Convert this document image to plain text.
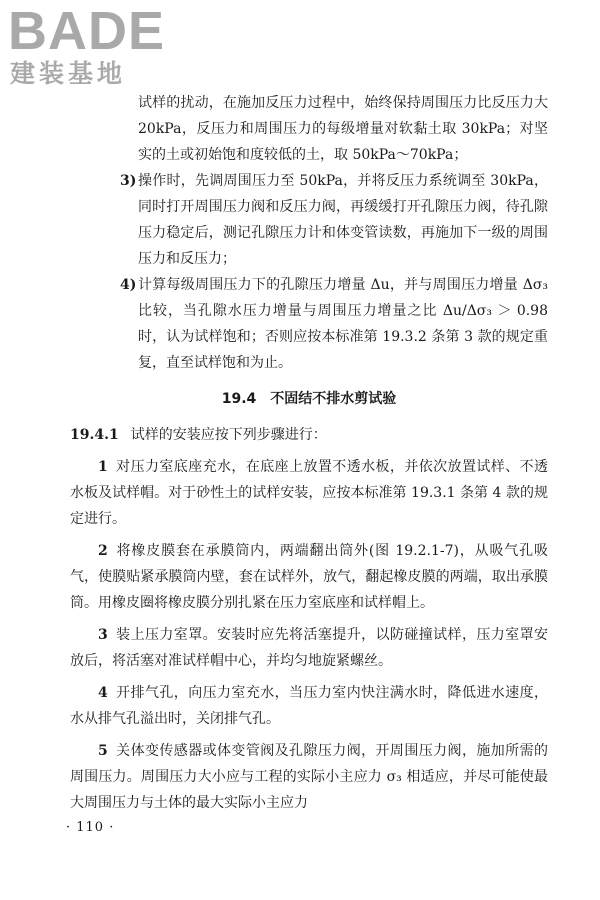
BADE
建装基地

试样的扰动，在施加反压力过程中，始终保持周围压力比反压力大 20kPa，反压力和周围压力的每级增量对软黏土取 30kPa；对坚实的土或初始饱和度较低的土，取 50kPa～70kPa；

3) 操作时，先调周围压力至 50kPa，并将反压力系统调至 30kPa，同时打开周围压力阀和反压力阀，再缓缓打开孔隙压力阀，待孔隙压力稳定后，测记孔隙压力计和体变管读数，再施加下一级的周围压力和反压力；

4) 计算每级周围压力下的孔隙压力增量 Δu，并与周围压力增量 Δσ₃ 比较，当孔隙水压力增量与周围压力增量之比 Δu/Δσ₃ ＞ 0.98 时，认为试样饱和；否则应按本标准第 19.3.2 条第 3 款的规定重复，直至试样饱和为止。

19.4 不固结不排水剪试验

19.4.1 试样的安装应按下列步骤进行：

1 对压力室底座充水，在底座上放置不透水板，并依次放置试样、不透水板及试样帽。对于砂性土的试样安装，应按本标准第 19.3.1 条第 4 款的规定进行。

2 将橡皮膜套在承膜筒内，两端翻出筒外(图 19.2.1-7)，从吸气孔吸气，使膜贴紧承膜筒内壁，套在试样外，放气，翻起橡皮膜的两端，取出承膜筒。用橡皮圈将橡皮膜分别扎紧在压力室底座和试样帽上。

3 装上压力室罩。安装时应先将活塞提升，以防碰撞试样，压力室罩安放后，将活塞对准试样帽中心，并均匀地旋紧螺丝。

4 开排气孔，向压力室充水，当压力室内快注满水时，降低进水速度，水从排气孔溢出时，关闭排气孔。

5 关体变传感器或体变管阀及孔隙压力阀，开周围压力阀，施加所需的周围压力。周围压力大小应与工程的实际小主应力 σ₃ 相适应，并尽可能使最大周围压力与土体的最大实际小主应力

· 110 ·
